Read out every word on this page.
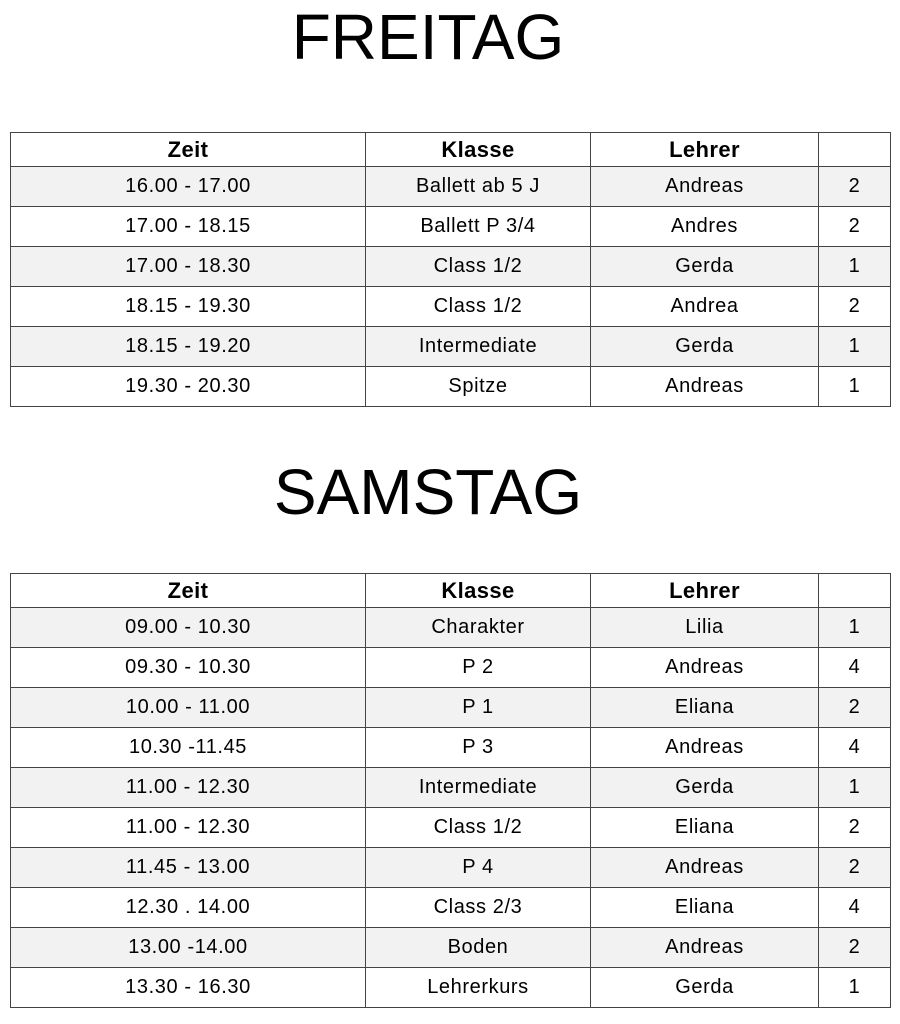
FREITAG
Zeit	Klasse	Lehrer	
16.00 - 17.00	Ballett ab 5 J	Andreas	2
17.00 - 18.15	Ballett P 3/4	Andres	2
17.00 - 18.30	Class 1/2	Gerda	1
18.15 - 19.30	Class 1/2	Andrea	2
18.15 - 19.20	Intermediate	Gerda	1
19.30 - 20.30	Spitze	Andreas	1
SAMSTAG
Zeit	Klasse	Lehrer	
09.00 - 10.30	Charakter	Lilia	1
09.30 - 10.30	P 2	Andreas	4
10.00 - 11.00	P 1	Eliana	2
10.30 -11.45	P 3	Andreas	4
11.00 - 12.30	Intermediate	Gerda	1
11.00 - 12.30	Class 1/2	Eliana	2
11.45 - 13.00	P 4	Andreas	2
12.30 . 14.00	Class 2/3	Eliana	4
13.00 -14.00	Boden	Andreas	2
13.30 - 16.30	Lehrerkurs	Gerda	1
